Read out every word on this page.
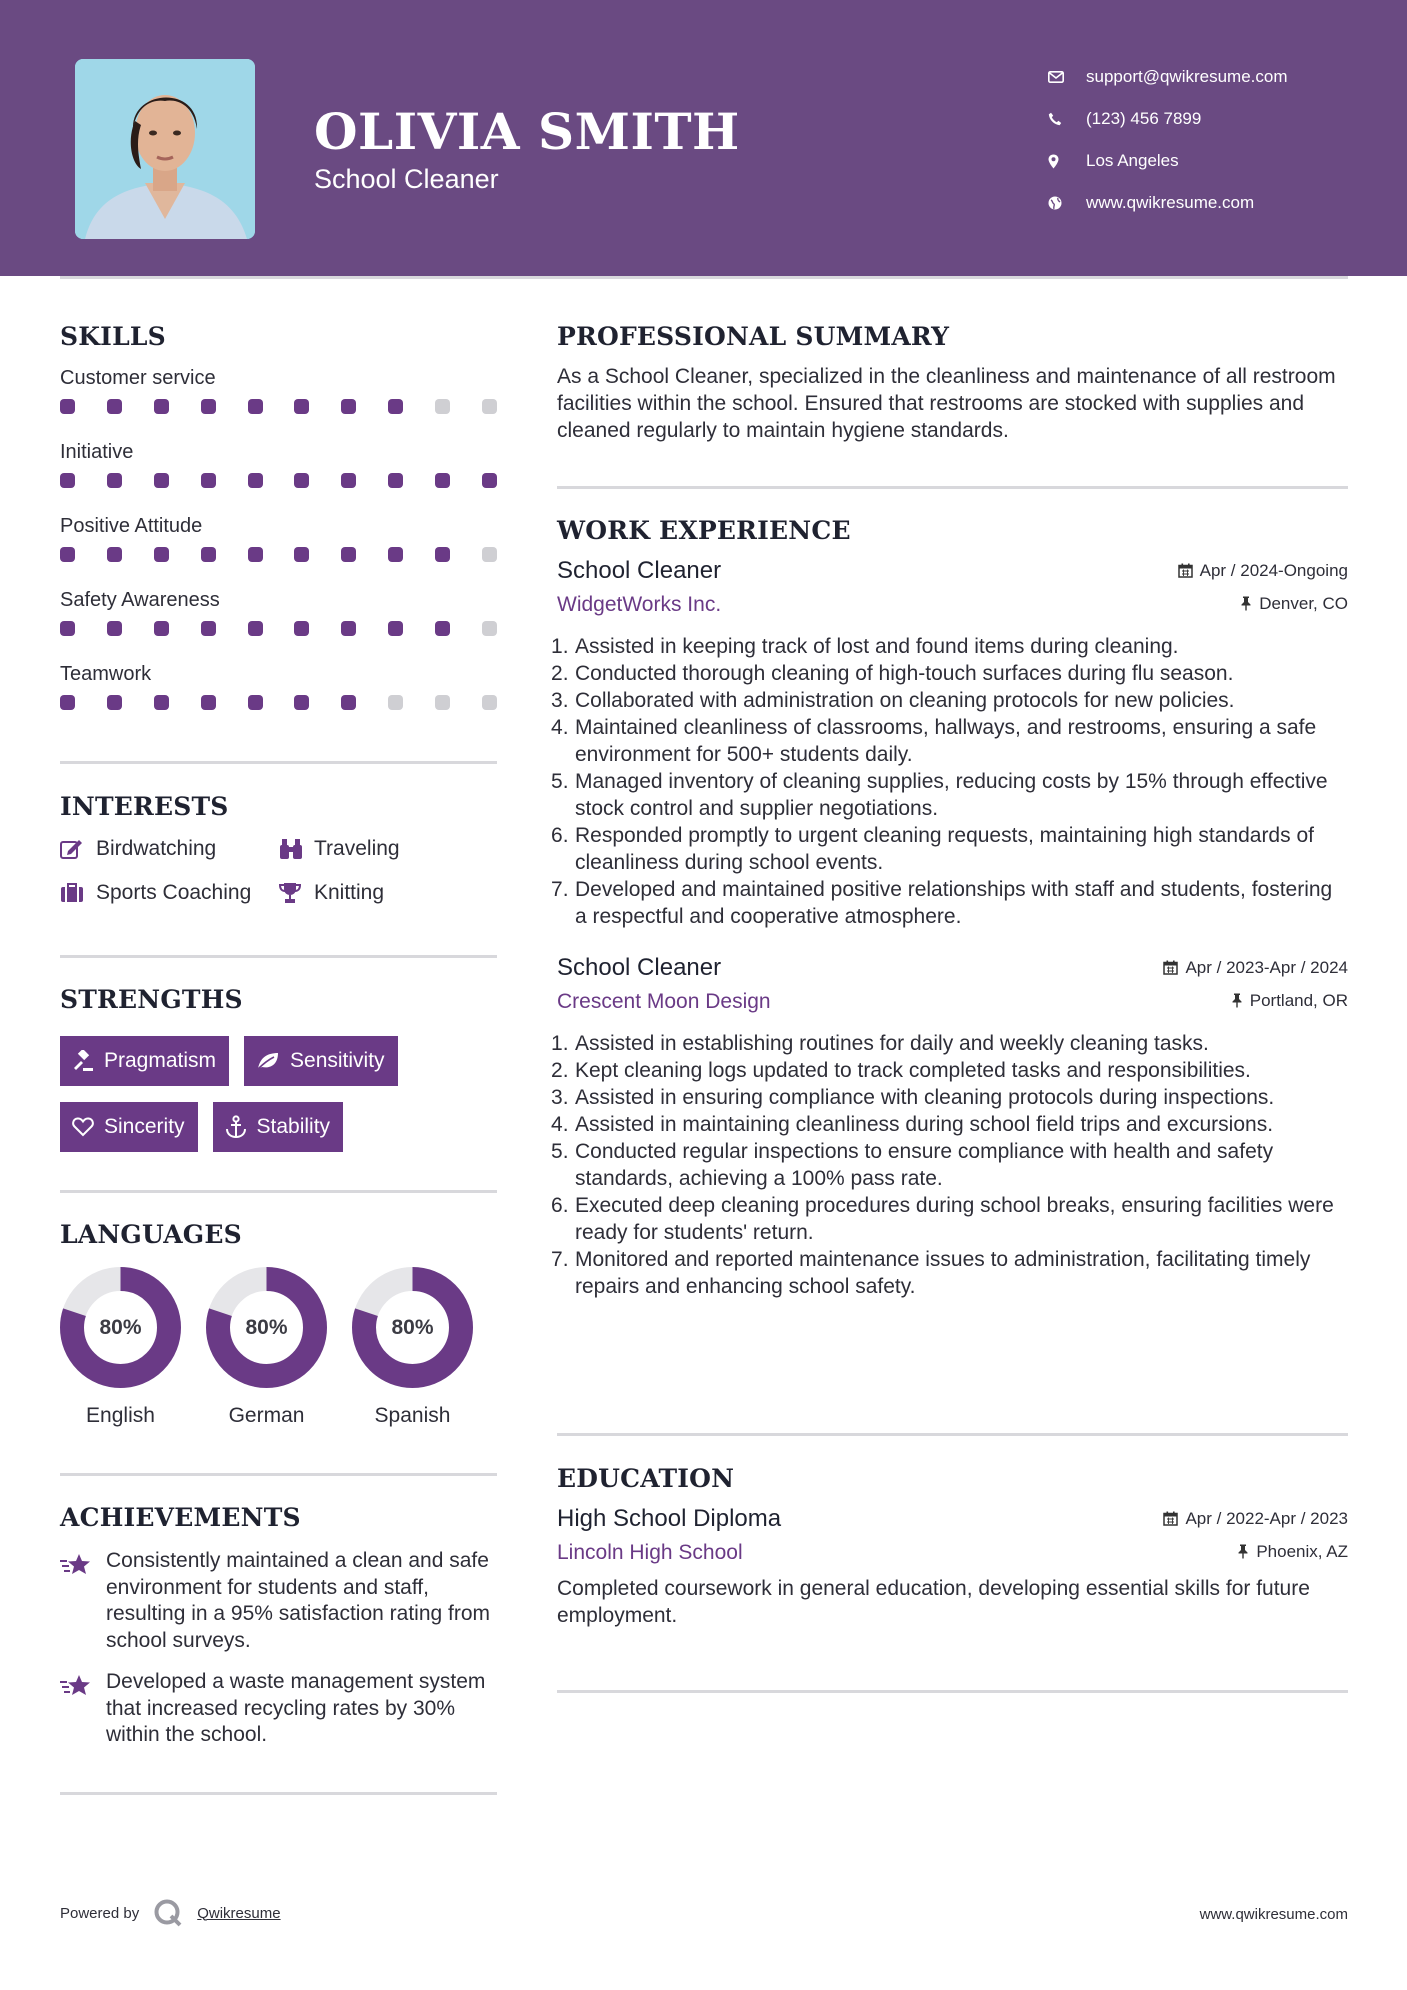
OLIVIA SMITH
School Cleaner
support@qwikresume.com
(123) 456 7899
Los Angeles
www.qwikresume.com
SKILLS
Customer service
Initiative
Positive Attitude
Safety Awareness
Teamwork
INTERESTS
Birdwatching	Traveling
Sports Coaching	Knitting
STRENGTHS
Pragmatism	Sensitivity
Sincerity	Stability
LANGUAGES
80%
English
80%
German
80%
Spanish
ACHIEVEMENTS
Consistently maintained a clean and safe environment for students and staff, resulting in a 95% satisfaction rating from school surveys.
Developed a waste management system that increased recycling rates by 30% within the school.
PROFESSIONAL SUMMARY
As a School Cleaner, specialized in the cleanliness and maintenance of all restroom facilities within the school. Ensured that restrooms are stocked with supplies and cleaned regularly to maintain hygiene standards.
WORK EXPERIENCE
School Cleaner	Apr / 2024-Ongoing
WidgetWorks Inc.	Denver, CO
Assisted in keeping track of lost and found items during cleaning.
Conducted thorough cleaning of high-touch surfaces during flu season.
Collaborated with administration on cleaning protocols for new policies.
Maintained cleanliness of classrooms, hallways, and restrooms, ensuring a safe environment for 500+ students daily.
Managed inventory of cleaning supplies, reducing costs by 15% through effective stock control and supplier negotiations.
Responded promptly to urgent cleaning requests, maintaining high standards of cleanliness during school events.
Developed and maintained positive relationships with staff and students, fostering a respectful and cooperative atmosphere.
School Cleaner	Apr / 2023-Apr / 2024
Crescent Moon Design	Portland, OR
Assisted in establishing routines for daily and weekly cleaning tasks.
Kept cleaning logs updated to track completed tasks and responsibilities.
Assisted in ensuring compliance with cleaning protocols during inspections.
Assisted in maintaining cleanliness during school field trips and excursions.
Conducted regular inspections to ensure compliance with health and safety standards, achieving a 100% pass rate.
Executed deep cleaning procedures during school breaks, ensuring facilities were ready for students' return.
Monitored and reported maintenance issues to administration, facilitating timely repairs and enhancing school safety.
EDUCATION
High School Diploma	Apr / 2022-Apr / 2023
Lincoln High School	Phoenix, AZ
Completed coursework in general education, developing essential skills for future employment.
Powered by	Qwikresume	www.qwikresume.com
